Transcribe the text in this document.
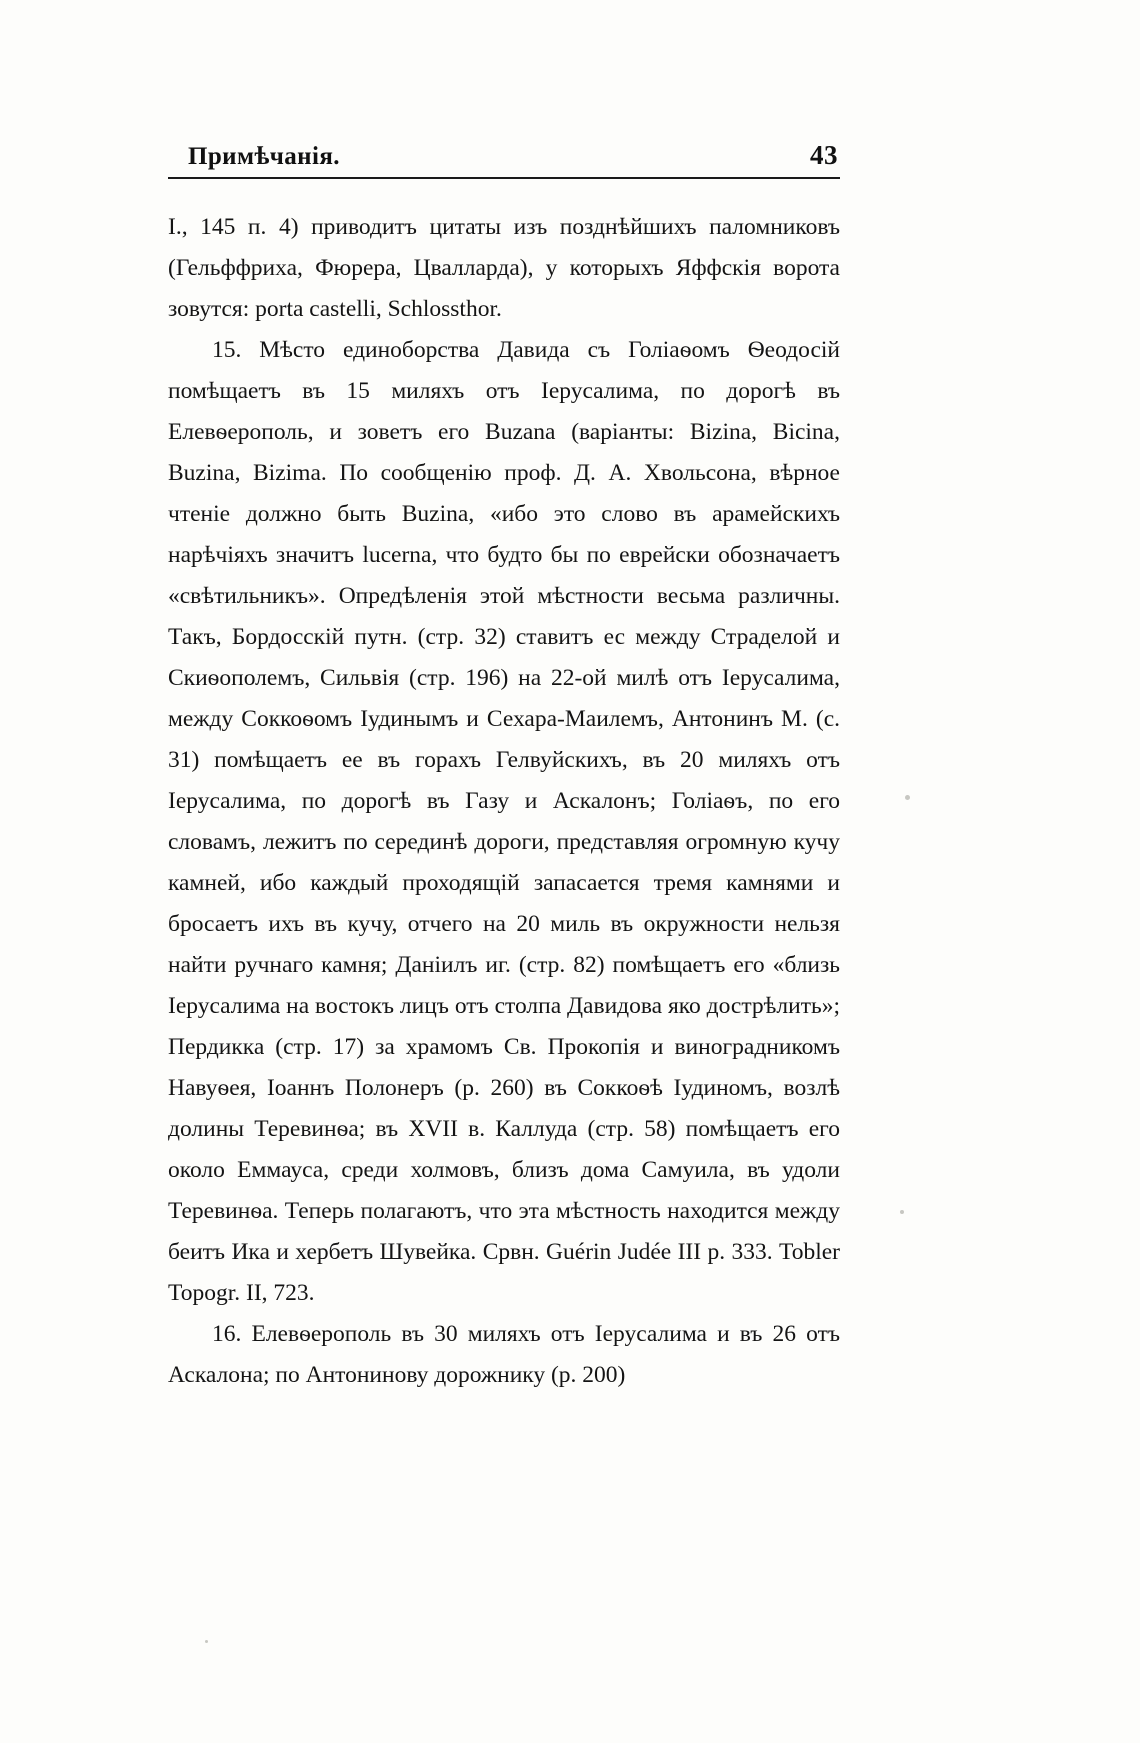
Примѣчанія.	43

I., 145 п. 4) приводитъ цитаты изъ позднѣйшихъ паломниковъ (Гельффриха, Фюрера, Цвалларда), у которыхъ Яффскія ворота зовутся: porta castelli, Schlossthor.

15. Мѣсто единоборства Давида съ Голіаѳомъ Ѳеодосій помѣщаетъ въ 15 миляхъ отъ Іерусалима, по дорогѣ въ Елевѳерополь, и зоветъ его Buzana (варіанты: Bizina, Bicina, Buzina, Bizima. По сообщенію проф. Д. А. Хвольсона, вѣрное чтеніе должно быть Buzina, «ибо это слово въ арамейскихъ нарѣчіяхъ значитъ lucerna, что будто бы по еврейски обозначаетъ «свѣтильникъ». Опредѣленія этой мѣстности весьма различны. Такъ, Бордосскій путн. (стр. 32) ставитъ ес между Страделой и Скиѳополемъ, Сильвія (стр. 196) на 22-ой милѣ отъ Іерусалима, между Соккоѳомъ Іудинымъ и Сехара-Маилемъ, Антонинъ М. (с. 31) помѣщаетъ ее въ горахъ Гелвуйскихъ, въ 20 миляхъ отъ Іерусалима, по дорогѣ въ Газу и Аскалонъ; Голіаѳъ, по его словамъ, лежитъ по серединѣ дороги, представляя огромную кучу камней, ибо каждый проходящій запасается тремя камнями и бросаетъ ихъ въ кучу, отчего на 20 миль въ окружности нельзя найти ручнаго камня; Даніилъ иг. (стр. 82) помѣщаетъ его «близь Іерусалима на востокъ лицъ отъ столпа Давидова яко дострѣлить»; Пердикка (стр. 17) за храмомъ Св. Прокопія и виноградникомъ Навуѳея, Іоаннъ Полонеръ (р. 260) въ Соккоѳѣ Іудиномъ, возлѣ долины Теревинѳа; въ XVII в. Каллуда (стр. 58) помѣщаетъ его около Еммауса, среди холмовъ, близъ дома Самуила, въ удоли Теревинѳа. Теперь полагаютъ, что эта мѣстность находится между беитъ Ика и хербетъ Шувейка. Срвн. Guérin Judée III р. 333. Tobler Topogr. II, 723.

16. Елевѳерополь въ 30 миляхъ отъ Іерусалима и въ 26 отъ Аскалона; по Антонинову дорожнику (р. 200)
